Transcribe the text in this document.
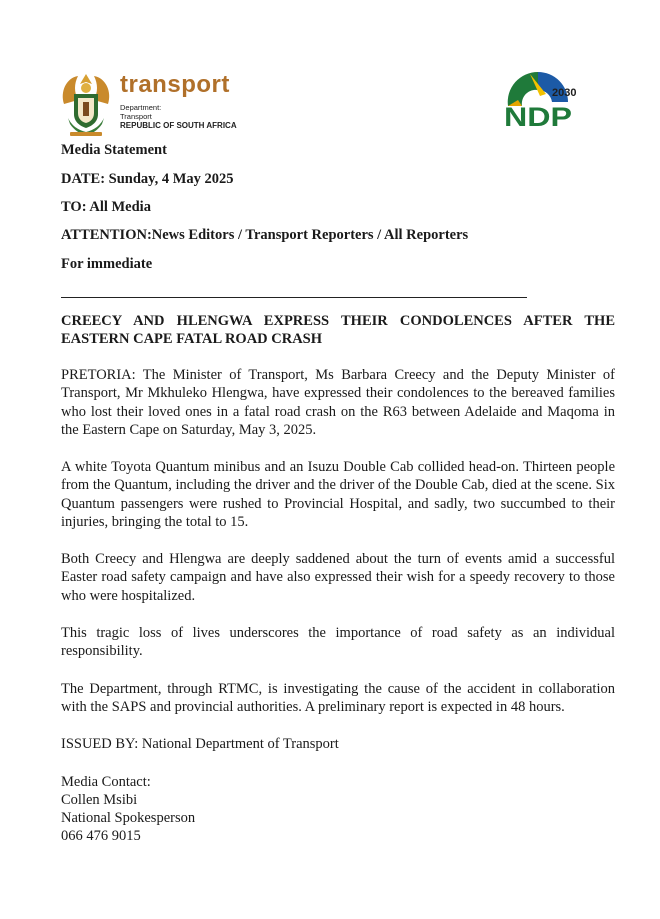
transport
Department:
Transport
REPUBLIC OF SOUTH AFRICA
2030
NDP
Media Statement
DATE: Sunday, 4 May 2025
TO: All Media
ATTENTION:News Editors / Transport Reporters / All Reporters
For immediate
CREECY AND HLENGWA EXPRESS THEIR CONDOLENCES AFTER THE EASTERN CAPE FATAL ROAD CRASH

PRETORIA: The Minister of Transport, Ms Barbara Creecy and the Deputy Minister of Transport, Mr Mkhuleko Hlengwa, have expressed their condolences to the bereaved families who lost their loved ones in a fatal road crash on the R63 between Adelaide and Maqoma in the Eastern Cape on Saturday, May 3, 2025.

A white Toyota Quantum minibus and an Isuzu Double Cab collided head-on. Thirteen people from the Quantum, including the driver and the driver of the Double Cab, died at the scene. Six Quantum passengers were rushed to Provincial Hospital, and sadly, two succumbed to their injuries, bringing the total to 15.

Both Creecy and Hlengwa are deeply saddened about the turn of events amid a successful Easter road safety campaign and have also expressed their wish for a speedy recovery to those who were hospitalized.

This tragic loss of lives underscores the importance of road safety as an individual responsibility.

The Department, through RTMC, is investigating the cause of the accident in collaboration with the SAPS and provincial authorities. A preliminary report is expected in 48 hours.

ISSUED BY: National Department of Transport
Media Contact:
Collen Msibi
National Spokesperson
066 476 9015
